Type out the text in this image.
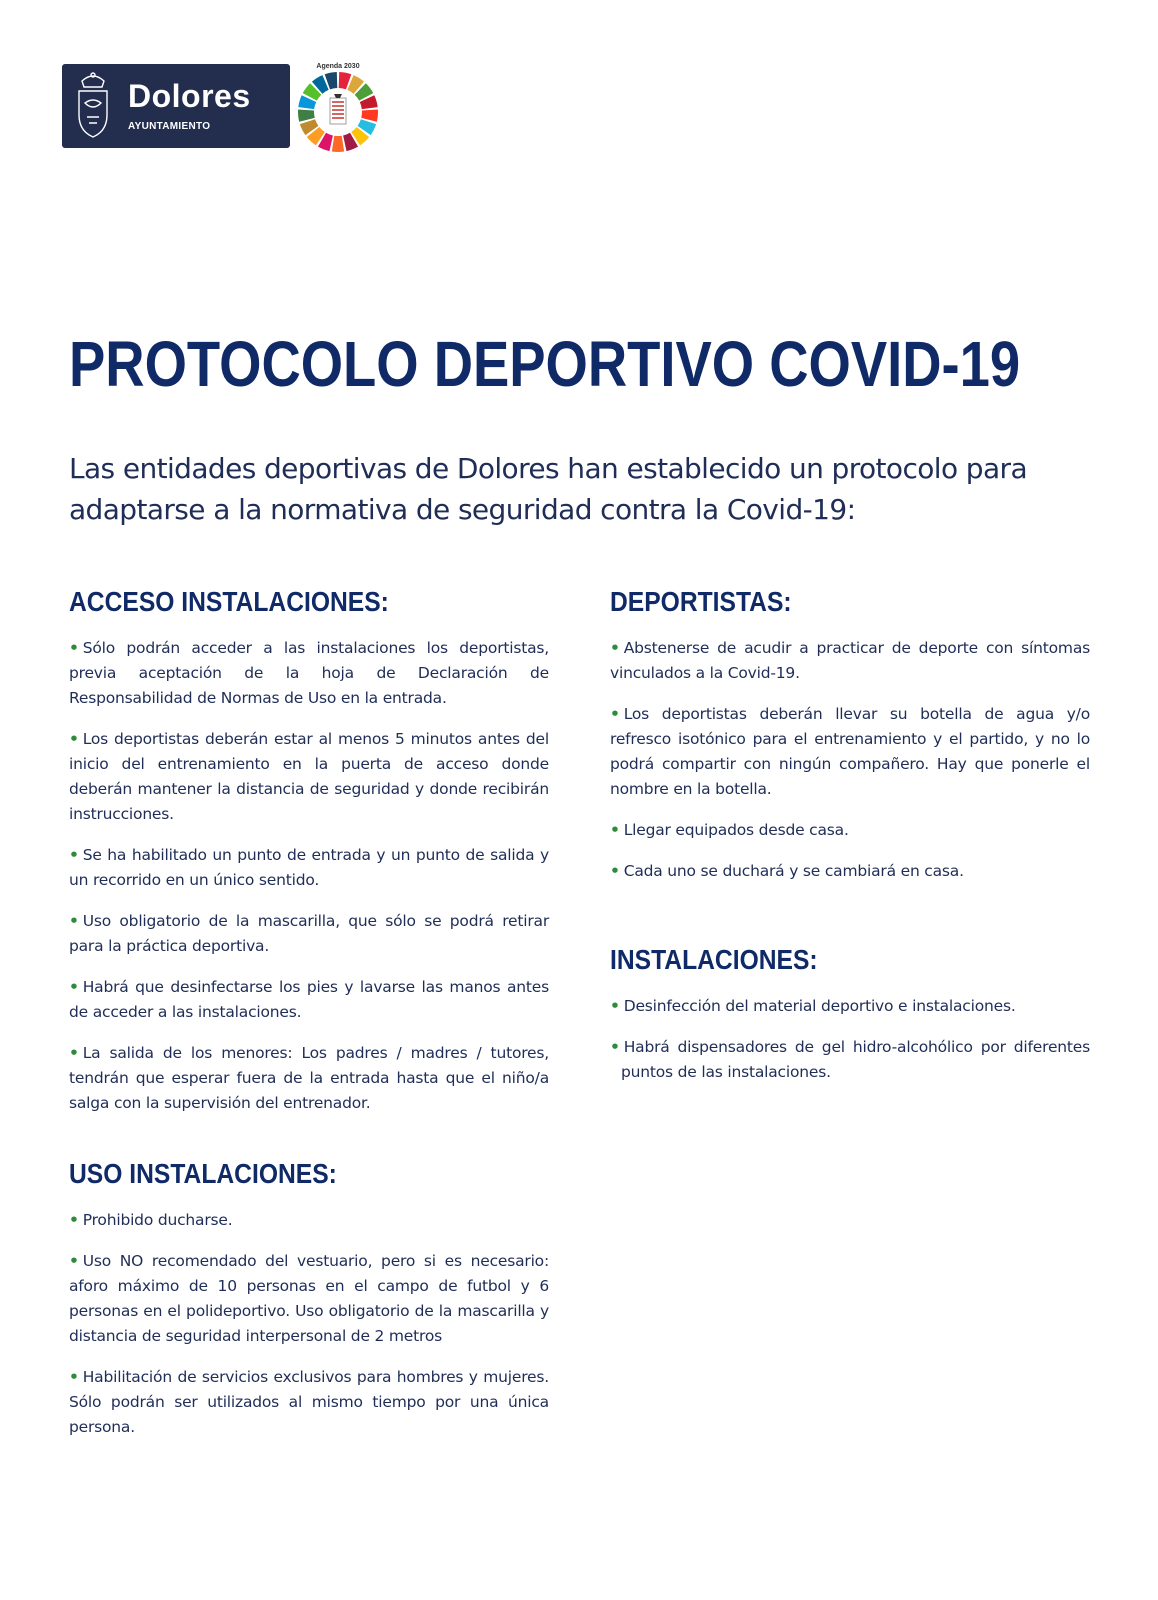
Dolores
AYUNTAMIENTO
Agenda 2030
PROTOCOLO DEPORTIVO COVID-19

Las entidades deportivas de Dolores han establecido un protocolo para adaptarse a la normativa de seguridad contra la Covid-19:

ACCESO INSTALACIONES:
• Sólo podrán acceder a las instalaciones los deportistas, previa aceptación de la hoja de Declaración de Responsabilidad de Normas de Uso en la entrada.
• Los deportistas deberán estar al menos 5 minutos antes del inicio del entrenamiento en la puerta de acceso donde deberán mantener la distancia de seguridad y donde recibirán instrucciones.
• Se ha habilitado un punto de entrada y un punto de salida y un recorrido en un único sentido.
• Uso obligatorio de la mascarilla, que sólo se podrá retirar para la práctica deportiva.
• Habrá que desinfectarse los pies y lavarse las manos antes de acceder a las instalaciones.
• La salida de los menores: Los padres / madres / tutores, tendrán que esperar fuera de la entrada hasta que el niño/a salga con la supervisión del entrenador.
USO INSTALACIONES:
• Prohibido ducharse.
• Uso NO recomendado del vestuario, pero si es necesario: aforo máximo de 10 personas en el campo de futbol y 6 personas en el polideportivo. Uso obligatorio de la mascarilla y distancia de seguridad interpersonal de 2 metros
• Habilitación de servicios exclusivos para hombres y mujeres. Sólo podrán ser utilizados al mismo tiempo por una única persona.
DEPORTISTAS:
• Abstenerse de acudir a practicar de deporte con síntomas vinculados a la Covid-19.
• Los deportistas deberán llevar su botella de agua y/o refresco isotónico para el entrenamiento y el partido, y no lo podrá compartir con ningún compañero. Hay que ponerle el nombre en la botella.
• Llegar equipados desde casa.
• Cada uno se duchará y se cambiará en casa.
INSTALACIONES:
• Desinfección del material deportivo e instalaciones.
• Habrá dispensadores de gel hidro-alcohólico por diferentes puntos de las instalaciones.
